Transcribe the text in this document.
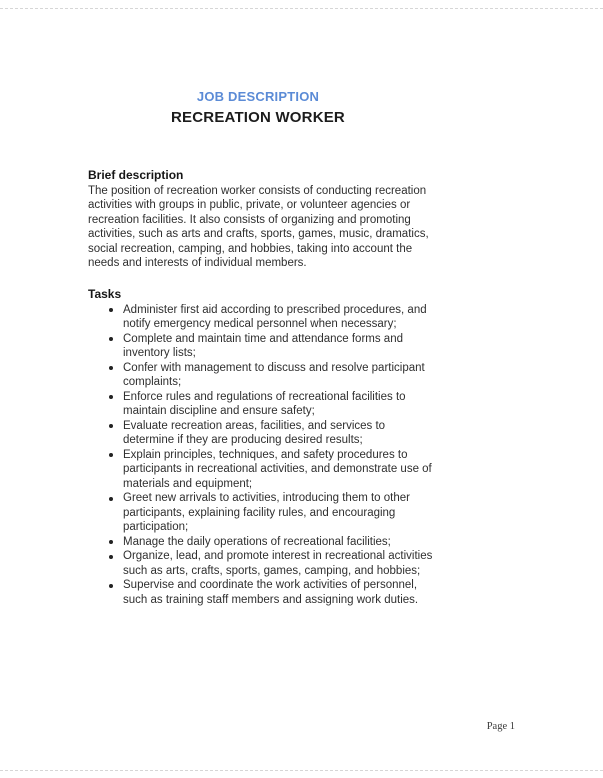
JOB DESCRIPTION
RECREATION WORKER
Brief description

The position of recreation worker consists of conducting recreation activities with groups in public, private, or volunteer agencies or recreation facilities. It also consists of organizing and promoting activities, such as arts and crafts, sports, games, music, dramatics, social recreation, camping, and hobbies, taking into account the needs and interests of individual members.

Tasks
Administer first aid according to prescribed procedures, and notify emergency medical personnel when necessary;
Complete and maintain time and attendance forms and inventory lists;
Confer with management to discuss and resolve participant complaints;
Enforce rules and regulations of recreational facilities to maintain discipline and ensure safety;
Evaluate recreation areas, facilities, and services to determine if they are producing desired results;
Explain principles, techniques, and safety procedures to participants in recreational activities, and demonstrate use of materials and equipment;
Greet new arrivals to activities, introducing them to other participants, explaining facility rules, and encouraging participation;
Manage the daily operations of recreational facilities;
Organize, lead, and promote interest in recreational activities such as arts, crafts, sports, games, camping, and hobbies;
Supervise and coordinate the work activities of personnel, such as training staff members and assigning work duties.
Page 1
